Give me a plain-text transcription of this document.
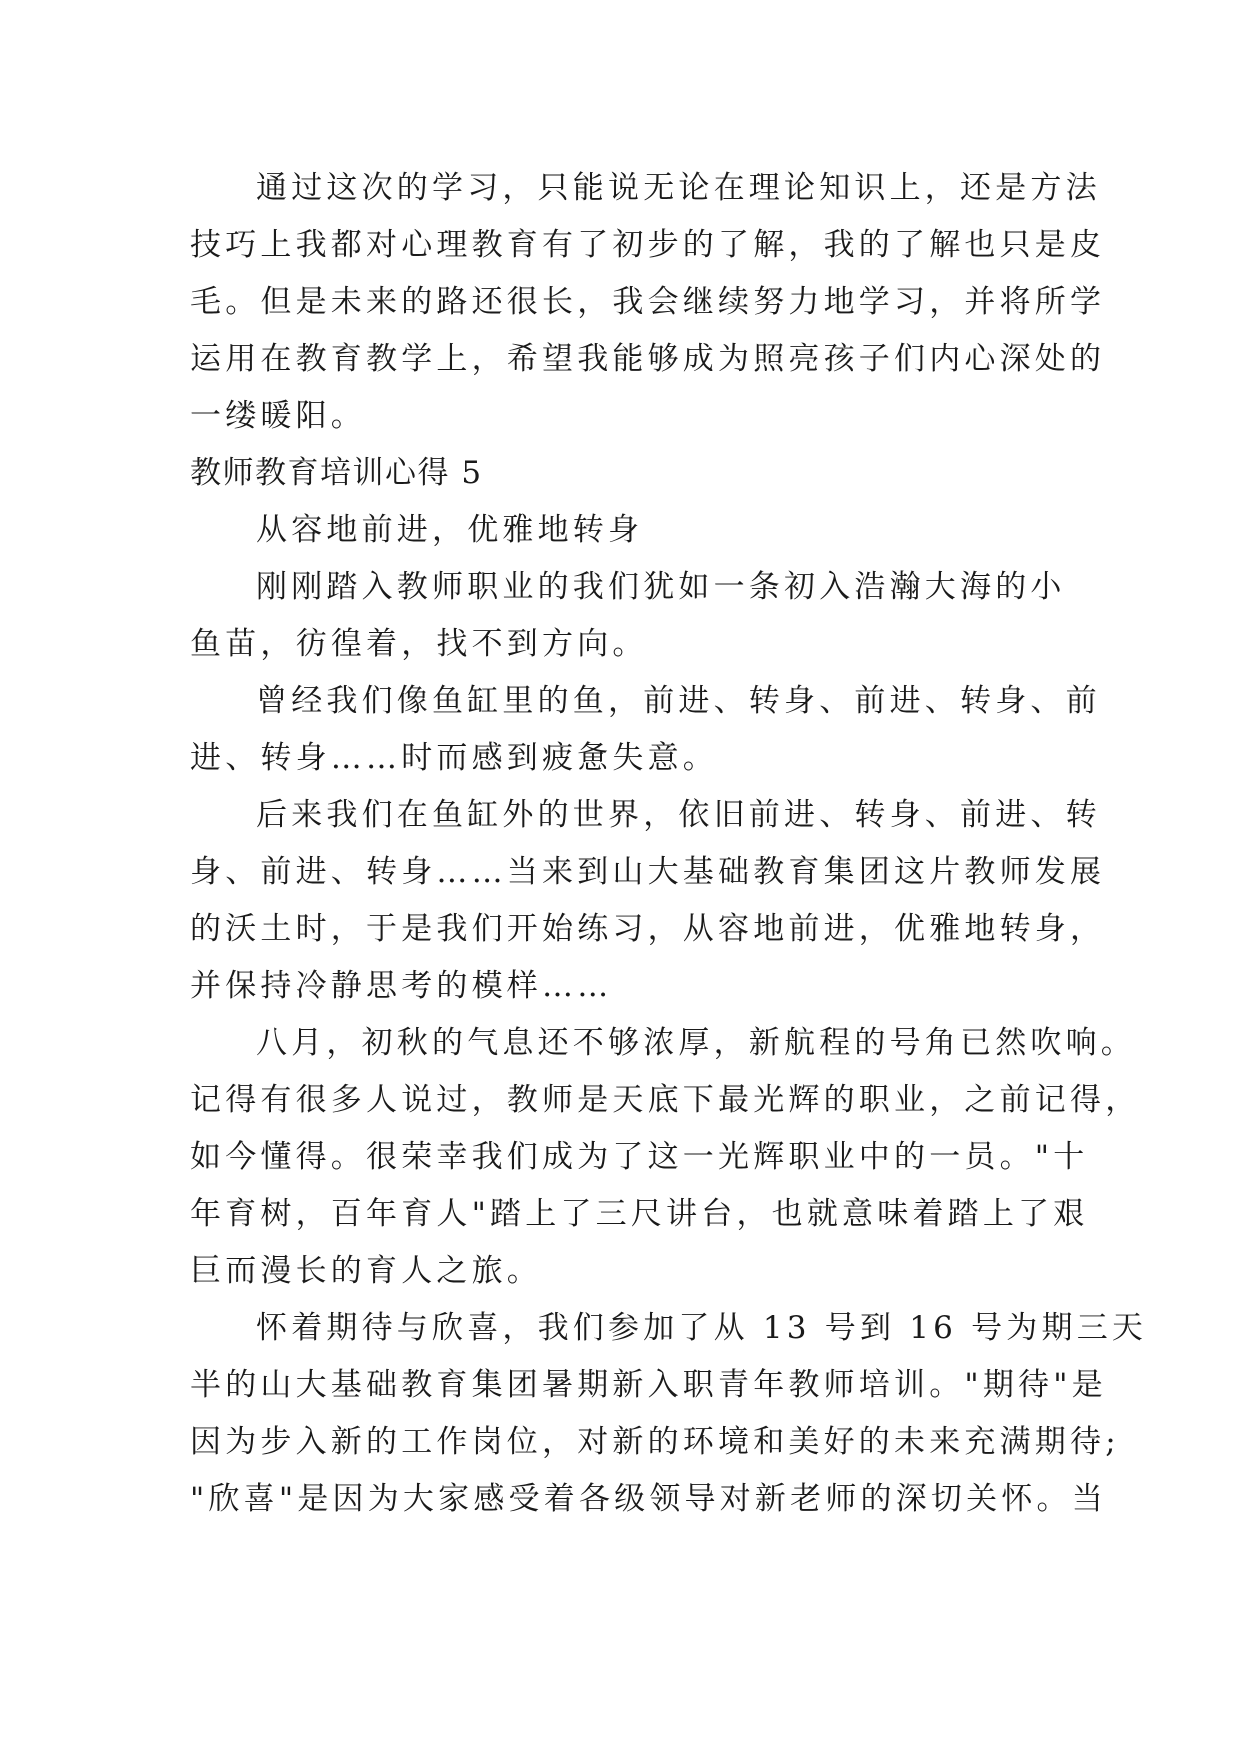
通过这次的学习，只能说无论在理论知识上，还是方法
技巧上我都对心理教育有了初步的了解，我的了解也只是皮
毛。但是未来的路还很长，我会继续努力地学习，并将所学
运用在教育教学上，希望我能够成为照亮孩子们内心深处的
一缕暖阳。
教师教育培训心得 5
从容地前进，优雅地转身
刚刚踏入教师职业的我们犹如一条初入浩瀚大海的小
鱼苗，彷徨着，找不到方向。
曾经我们像鱼缸里的鱼，前进、转身、前进、转身、前
进、转身……时而感到疲惫失意。
后来我们在鱼缸外的世界，依旧前进、转身、前进、转
身、前进、转身……当来到山大基础教育集团这片教师发展
的沃土时，于是我们开始练习，从容地前进，优雅地转身，
并保持冷静思考的模样……
八月，初秋的气息还不够浓厚，新航程的号角已然吹响。
记得有很多人说过，教师是天底下最光辉的职业，之前记得，
如今懂得。很荣幸我们成为了这一光辉职业中的一员。"十
年育树，百年育人"踏上了三尺讲台，也就意味着踏上了艰
巨而漫长的育人之旅。
怀着期待与欣喜，我们参加了从 13 号到 16 号为期三天
半的山大基础教育集团暑期新入职青年教师培训。"期待"是
因为步入新的工作岗位，对新的环境和美好的未来充满期待;
"欣喜"是因为大家感受着各级领导对新老师的深切关怀。当
